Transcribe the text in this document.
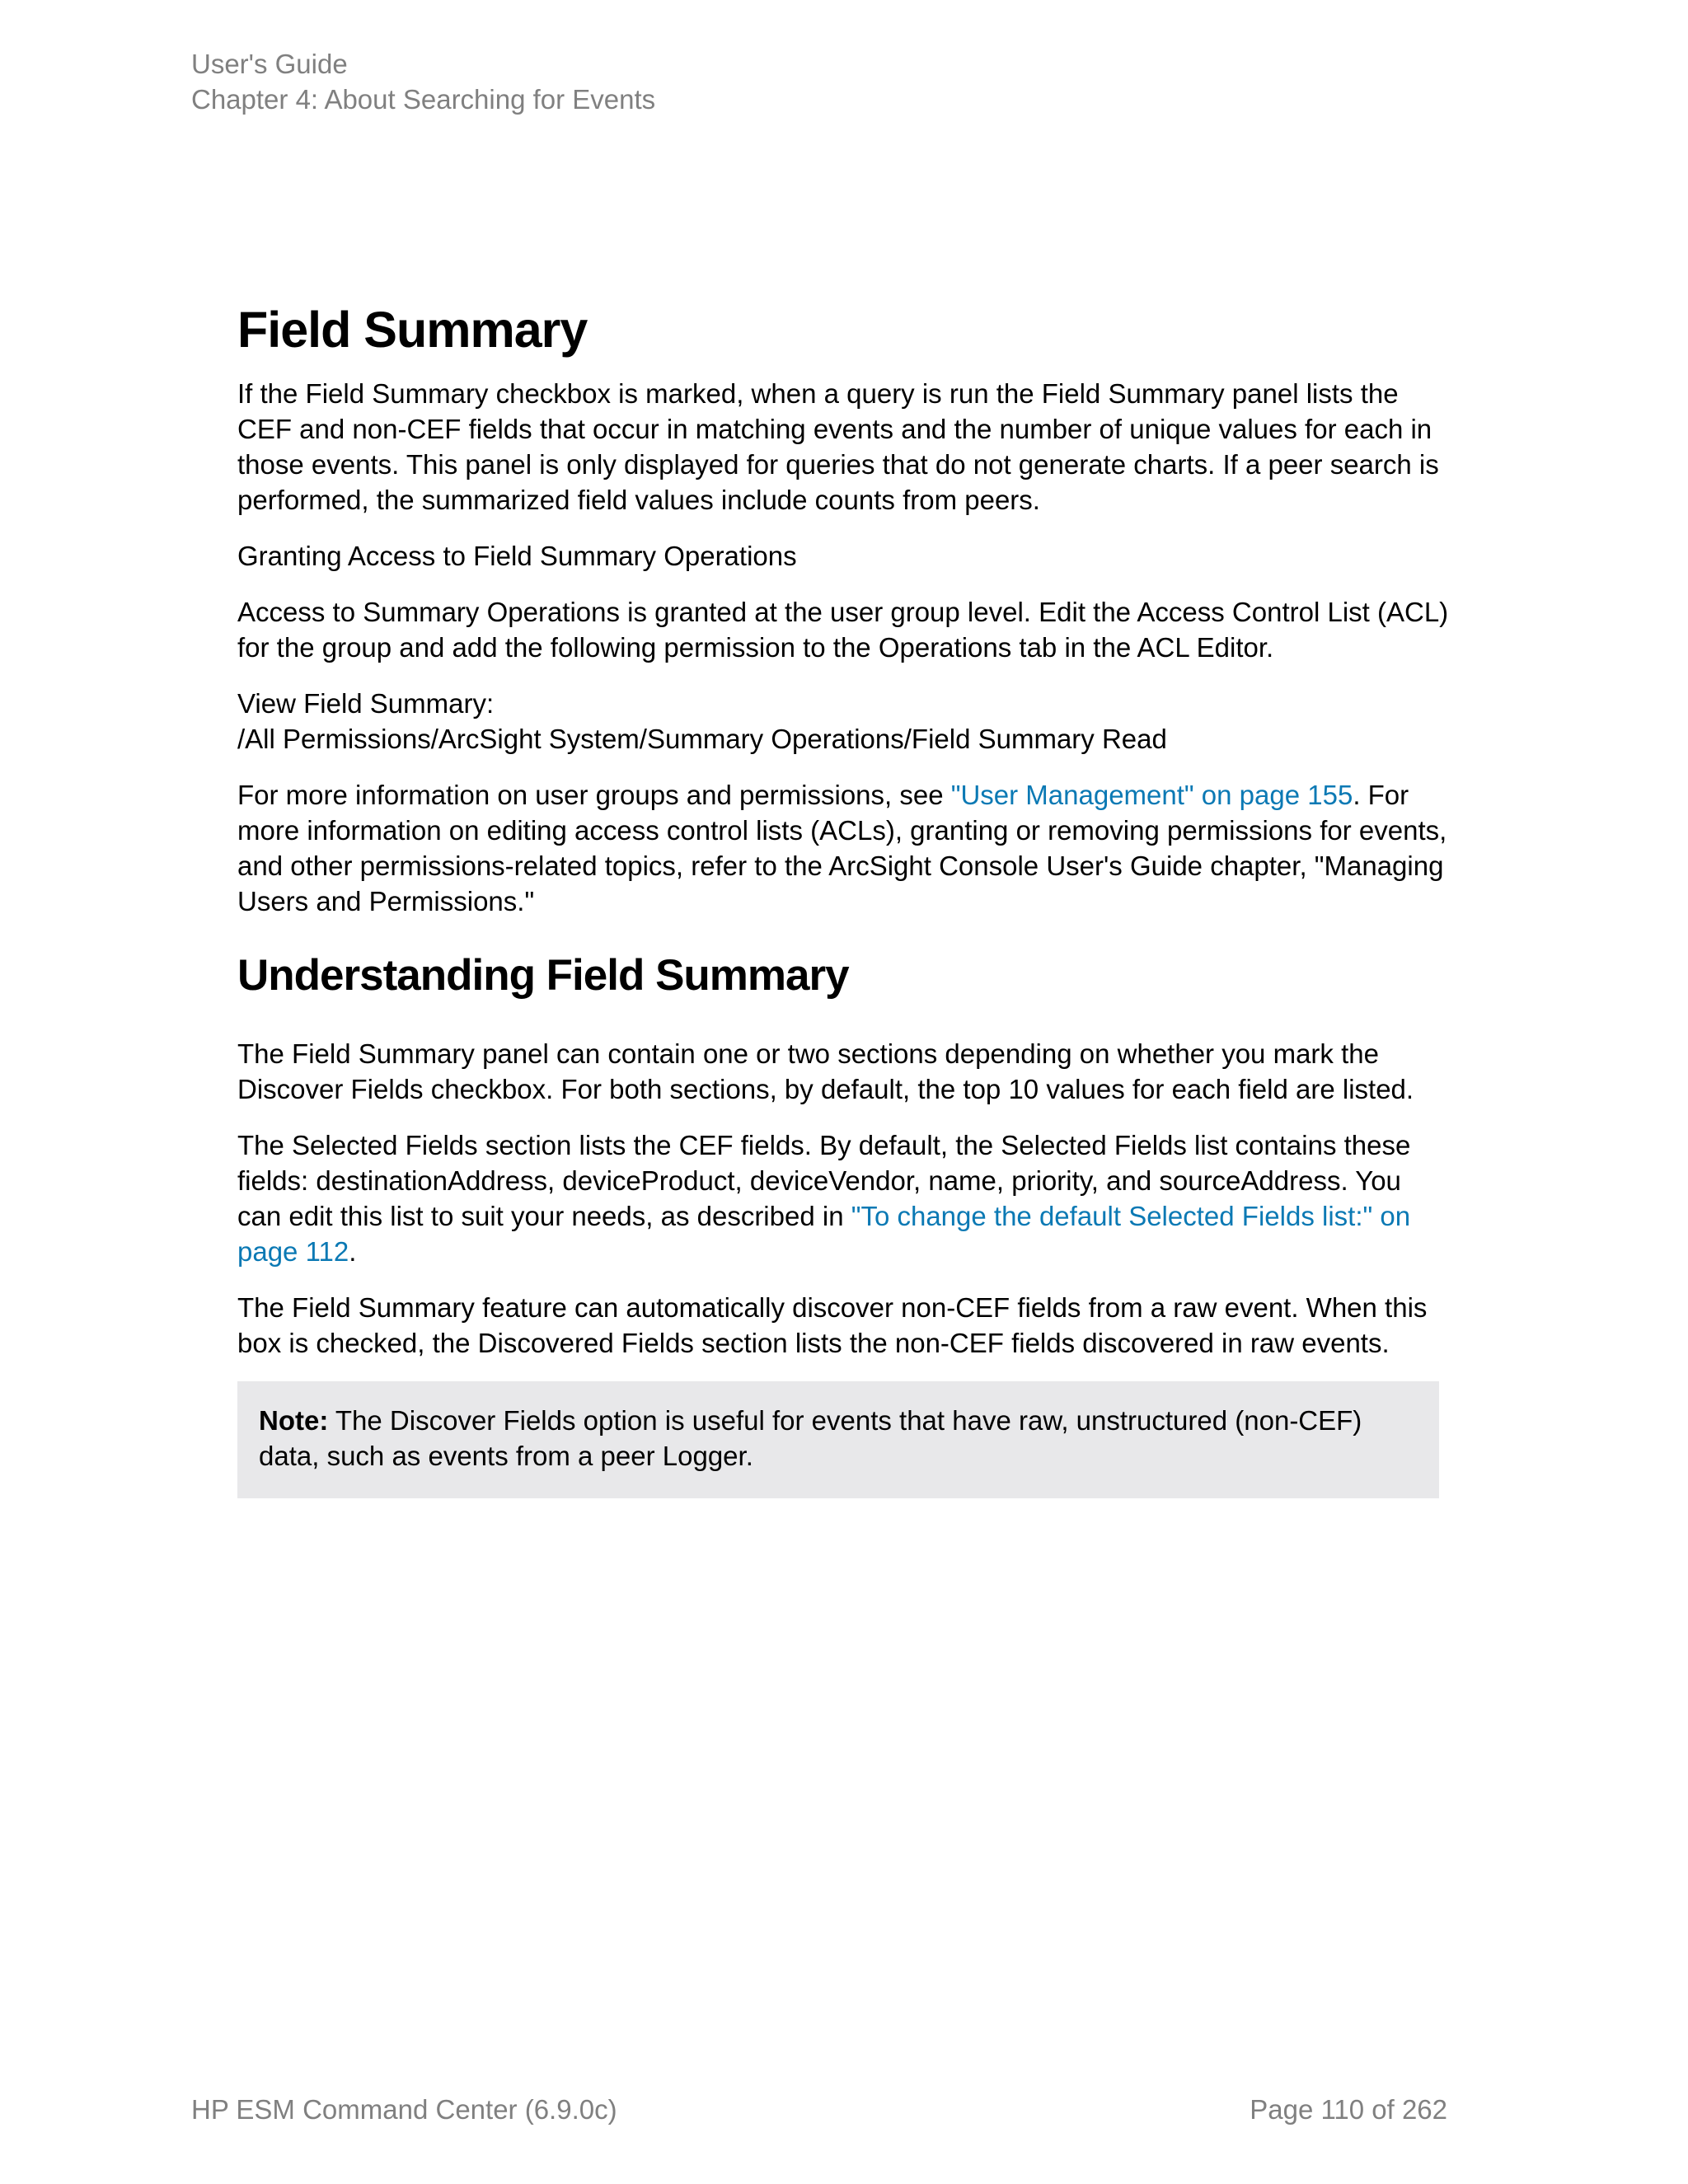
User's Guide
Chapter 4: About Searching for Events
Field Summary

If the Field Summary checkbox is marked, when a query is run the Field Summary panel lists the CEF and non-CEF fields that occur in matching events and the number of unique values for each in those events. This panel is only displayed for queries that do not generate charts. If a peer search is performed, the summarized field values include counts from peers.

Granting Access to Field Summary Operations

Access to Summary Operations is granted at the user group level. Edit the Access Control List (ACL) for the group and add the following permission to the Operations tab in the ACL Editor.

View Field Summary:
/All Permissions/ArcSight System/Summary Operations/Field Summary Read

For more information on user groups and permissions, see "User Management" on page 155. For more information on editing access control lists (ACLs), granting or removing permissions for events, and other permissions-related topics, refer to the ArcSight Console User's Guide chapter, "Managing Users and Permissions."

Understanding Field Summary

The Field Summary panel can contain one or two sections depending on whether you mark the Discover Fields checkbox. For both sections, by default, the top 10 values for each field are listed.

The Selected Fields section lists the CEF fields. By default, the Selected Fields list contains these fields: destinationAddress, deviceProduct, deviceVendor, name, priority, and sourceAddress. You can edit this list to suit your needs, as described in "To change the default Selected Fields list:" on page 112.

The Field Summary feature can automatically discover non-CEF fields from a raw event. When this box is checked, the Discovered Fields section lists the non-CEF fields discovered in raw events.

Note: The Discover Fields option is useful for events that have raw, unstructured (non-CEF) data, such as events from a peer Logger.

HP ESM Command Center (6.9.0c)	Page 110 of 262
